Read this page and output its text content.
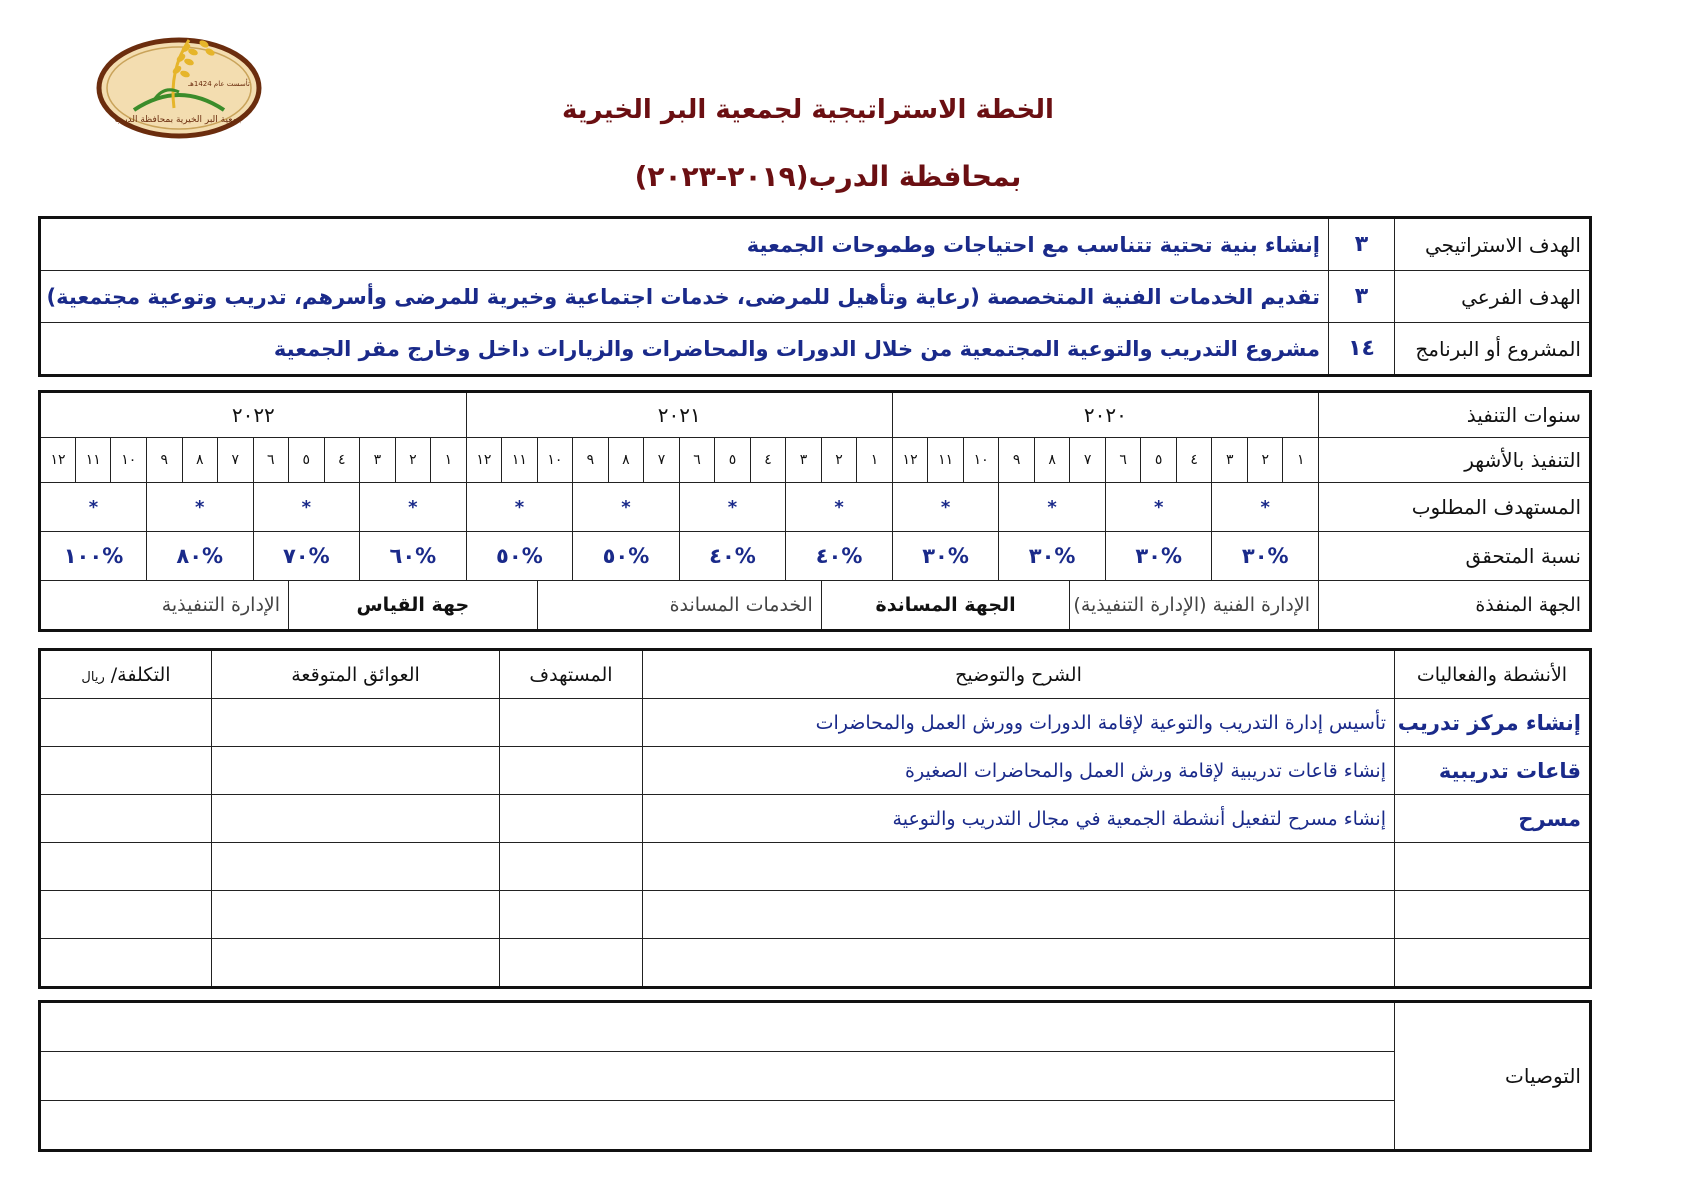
تأسست عام 1424هـ
جمعية البر الخيرية بمحافظة الدرب	الخطة الاستراتيجية لجمعية البر الخيرية
بمحافظة الدرب(٢٠١٩-٢٠٢٣)
الهدف الاستراتيجي	٣	إنشاء بنية تحتية تتناسب مع احتياجات وطموحات الجمعية
الهدف الفرعي	٣	تقديم الخدمات الفنية المتخصصة (رعاية وتأهيل للمرضى، خدمات اجتماعية وخيرية للمرضى وأسرهم، تدريب وتوعية مجتمعية)
المشروع أو البرنامج	١٤	مشروع التدريب والتوعية المجتمعية من خلال الدورات والمحاضرات والزيارات داخل وخارج مقر الجمعية
سنوات التنفيذ	٢٠٢٠												٢٠٢١												٢٠٢٢											
التنفيذ بالأشهر	١	٢	٣	٤	٥	٦	٧	٨	٩	١٠	١١	١٢	١	٢	٣	٤	٥	٦	٧	٨	٩	١٠	١١	١٢	١	٢	٣	٤	٥	٦	٧	٨	٩	١٠	١١	١٢
المستهدف المطلوب	*			*			*			*			*			*			*			*			*			*			*			*		
نسبة المتحقق	%٣٠			%٣٠			%٣٠			%٣٠			%٤٠			%٤٠			%٥٠			%٥٠			%٦٠			%٧٠			%٨٠			%١٠٠		
الجهة المنفذة	الإدارة الفنية (الإدارة التنفيذية)							الجهة المساندة							الخدمات المساندة								جهة القياس							الإدارة التنفيذية						
الأنشطة والفعاليات	الشرح والتوضيح	المستهدف	العوائق المتوقعة	التكلفة/ ريال
إنشاء مركز تدريب	تأسيس إدارة التدريب والتوعية لإقامة الدورات وورش العمل والمحاضرات			
قاعات تدريبية	إنشاء قاعات تدريبية لإقامة ورش العمل والمحاضرات الصغيرة			
مسرح	إنشاء مسرح لتفعيل أنشطة الجمعية في مجال التدريب والتوعية			

التوصيات	
